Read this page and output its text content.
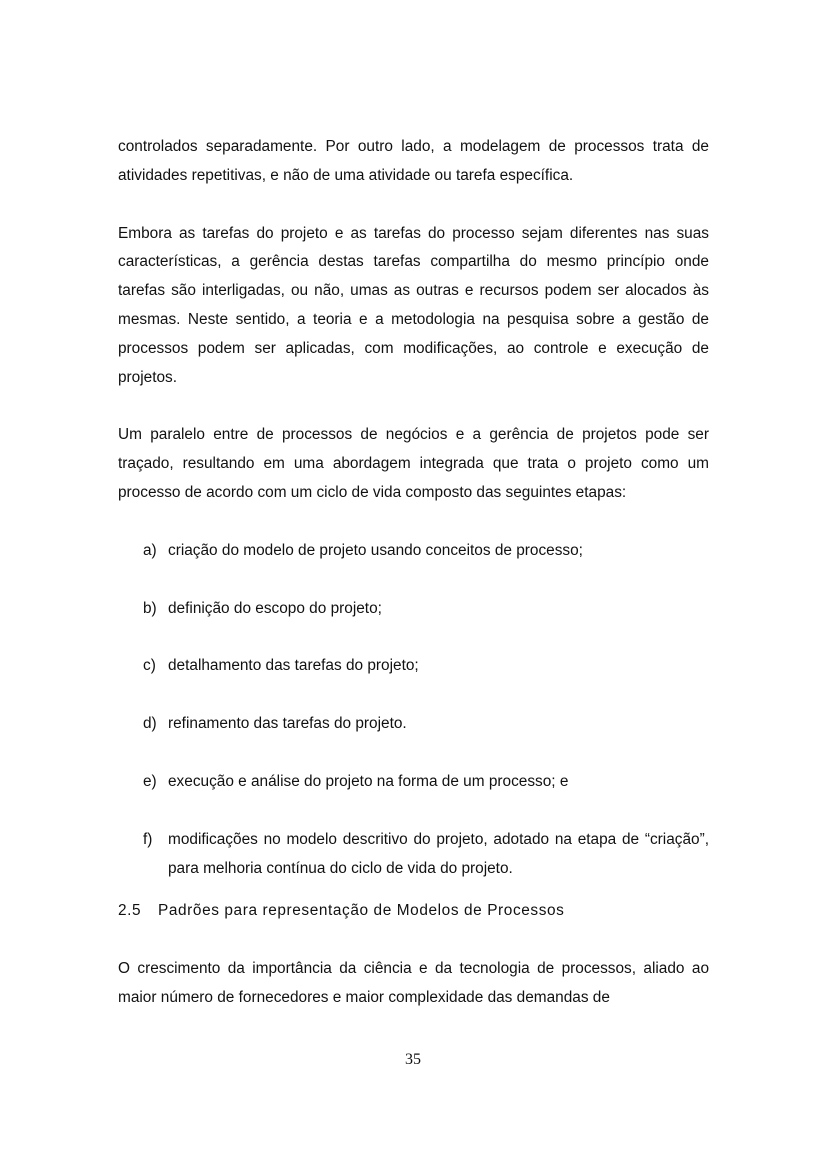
controlados separadamente. Por outro lado, a modelagem de processos trata de atividades repetitivas, e não de uma atividade ou tarefa específica.

Embora as tarefas do projeto e as tarefas do processo sejam diferentes nas suas características, a gerência destas tarefas compartilha do mesmo princípio onde tarefas são interligadas, ou não, umas as outras e recursos podem ser alocados às mesmas. Neste sentido, a teoria e a metodologia na pesquisa sobre a gestão de processos podem ser aplicadas, com modificações, ao controle e execução de projetos.

Um paralelo entre de processos de negócios e a gerência de projetos pode ser traçado, resultando em uma abordagem integrada que trata o projeto como um processo de acordo com um ciclo de vida composto das seguintes etapas:

a) criação do modelo de projeto usando conceitos de processo;
b) definição do escopo do projeto;
c) detalhamento das tarefas do projeto;
d) refinamento das tarefas do projeto.
e) execução e análise do projeto na forma de um processo; e
f) modificações no modelo descritivo do projeto, adotado na etapa de “criação”, para melhoria contínua do ciclo de vida do projeto.
2.5 Padrões para representação de Modelos de Processos

O crescimento da importância da ciência e da tecnologia de processos, aliado ao maior número de fornecedores e maior complexidade das demandas de

35
